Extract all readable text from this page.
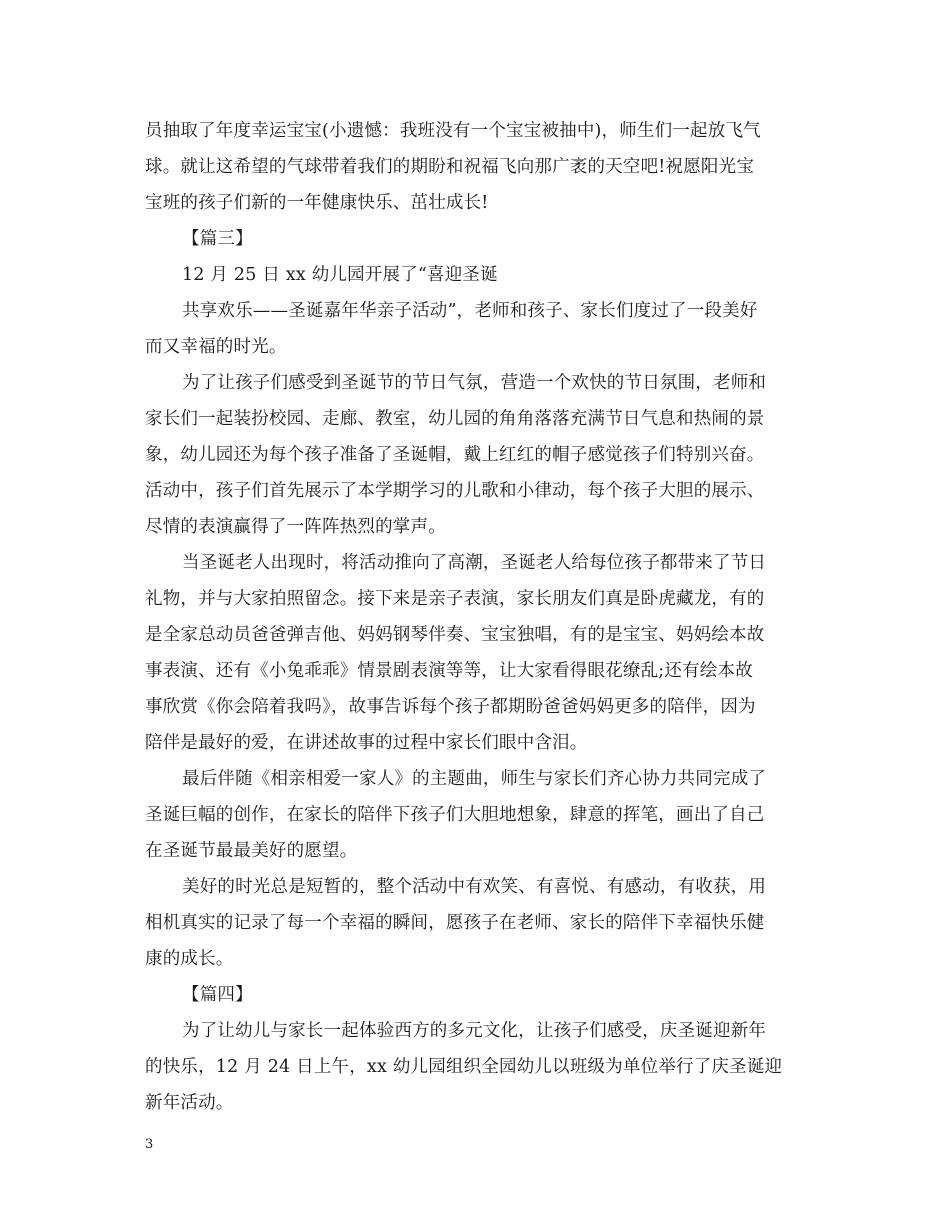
员抽取了年度幸运宝宝(小遗憾：我班没有一个宝宝被抽中)，师生们一起放飞气
球。就让这希望的气球带着我们的期盼和祝福飞向那广袤的天空吧!祝愿阳光宝
宝班的孩子们新的一年健康快乐、茁壮成长!
【篇三】
12 月 25 日 xx 幼儿园开展了“喜迎圣诞
共享欢乐——圣诞嘉年华亲子活动”，老师和孩子、家长们度过了一段美好
而又幸福的时光。
为了让孩子们感受到圣诞节的节日气氛，营造一个欢快的节日氛围，老师和
家长们一起装扮校园、走廊、教室，幼儿园的角角落落充满节日气息和热闹的景
象，幼儿园还为每个孩子准备了圣诞帽，戴上红红的帽子感觉孩子们特别兴奋。
活动中，孩子们首先展示了本学期学习的儿歌和小律动，每个孩子大胆的展示、
尽情的表演赢得了一阵阵热烈的掌声。
当圣诞老人出现时，将活动推向了高潮，圣诞老人给每位孩子都带来了节日
礼物，并与大家拍照留念。接下来是亲子表演，家长朋友们真是卧虎藏龙，有的
是全家总动员爸爸弹吉他、妈妈钢琴伴奏、宝宝独唱，有的是宝宝、妈妈绘本故
事表演、还有《小兔乖乖》情景剧表演等等，让大家看得眼花缭乱;还有绘本故
事欣赏《你会陪着我吗》，故事告诉每个孩子都期盼爸爸妈妈更多的陪伴，因为
陪伴是最好的爱，在讲述故事的过程中家长们眼中含泪。
最后伴随《相亲相爱一家人》的主题曲，师生与家长们齐心协力共同完成了
圣诞巨幅的创作，在家长的陪伴下孩子们大胆地想象，肆意的挥笔，画出了自己
在圣诞节最最美好的愿望。
美好的时光总是短暂的，整个活动中有欢笑、有喜悦、有感动，有收获，用
相机真实的记录了每一个幸福的瞬间，愿孩子在老师、家长的陪伴下幸福快乐健
康的成长。
【篇四】
为了让幼儿与家长一起体验西方的多元文化，让孩子们感受，庆圣诞迎新年
的快乐，12 月 24 日上午，xx 幼儿园组织全园幼儿以班级为单位举行了庆圣诞迎
新年活动。
3
